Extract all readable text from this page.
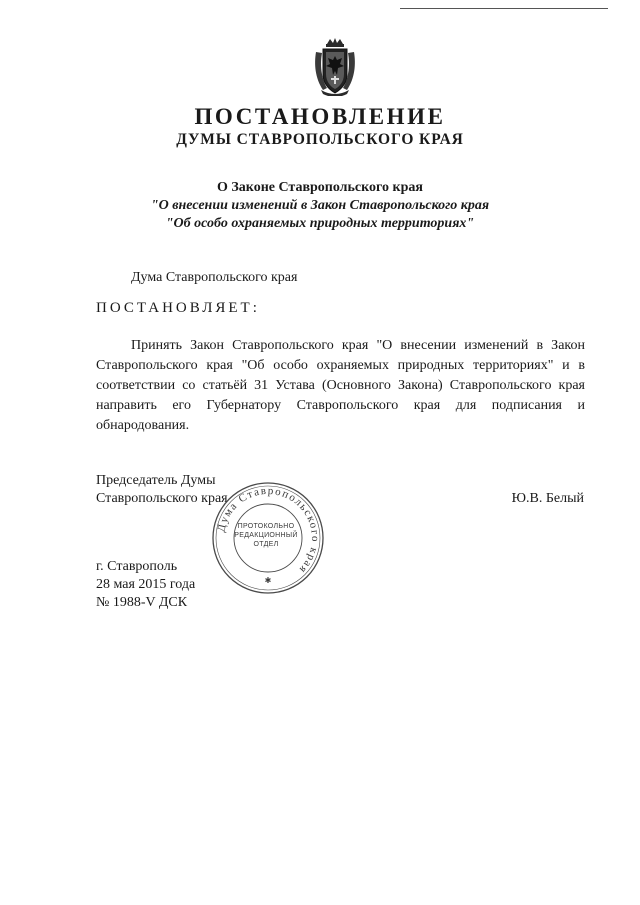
ПОСТАНОВЛЕНИЕ
ДУМЫ СТАВРОПОЛЬСКОГО КРАЯ
О Законе Ставропольского края
"О внесении изменений в Закон Ставропольского края
"Об особо охраняемых природных территориях"
Дума Ставропольского края
ПОСТАНОВЛЯЕТ:
Принять Закон Ставропольского края "О внесении изменений в Закон Ставропольского края "Об особо охраняемых природных территориях" и в соответствии со статьёй 31 Устава (Основного Закона) Ставропольского края направить его Губернатору Ставропольского края для подписания и обнародования.
Председатель Думы
Ставропольского края	Ю.В. Белый
г. Ставрополь
28 мая 2015 года
№ 1988-V ДСК
Дума Ставропольского края
✱
ПРОТОКОЛЬНО
РЕДАКЦИОННЫЙ
ОТДЕЛ
